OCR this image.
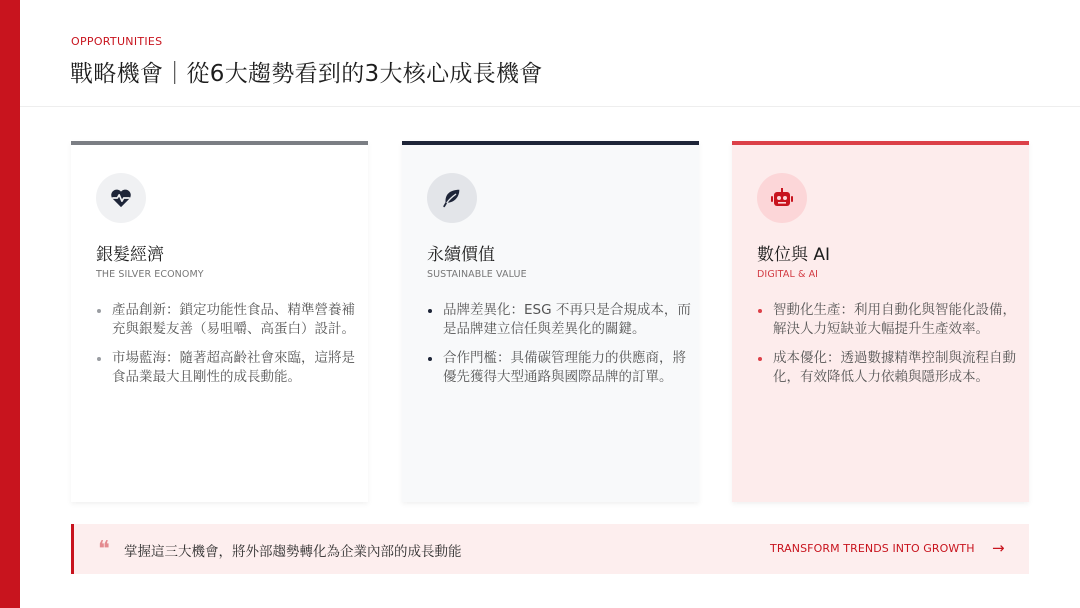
OPPORTUNITIES
戰略機會｜從6大趨勢看到的3大核心成長機會
銀髮經濟
THE SILVER ECONOMY
產品創新：鎖定功能性食品、精準營養補充與銀髮友善（易咀嚼、高蛋白）設計。
市場藍海：隨著超高齡社會來臨，這將是食品業最大且剛性的成長動能。
永續價值
SUSTAINABLE VALUE
品牌差異化：ESG 不再只是合規成本，而是品牌建立信任與差異化的關鍵。
合作門檻：具備碳管理能力的供應商，將優先獲得大型通路與國際品牌的訂單。
數位與 AI
DIGITAL & AI
智動化生產：利用自動化與智能化設備，解決人力短缺並大幅提升生產效率。
成本優化：透過數據精準控制與流程自動化，有效降低人力依賴與隱形成本。
❝ 掌握這三大機會，將外部趨勢轉化為企業內部的成長動能	TRANSFORM TRENDS INTO GROWTH →
